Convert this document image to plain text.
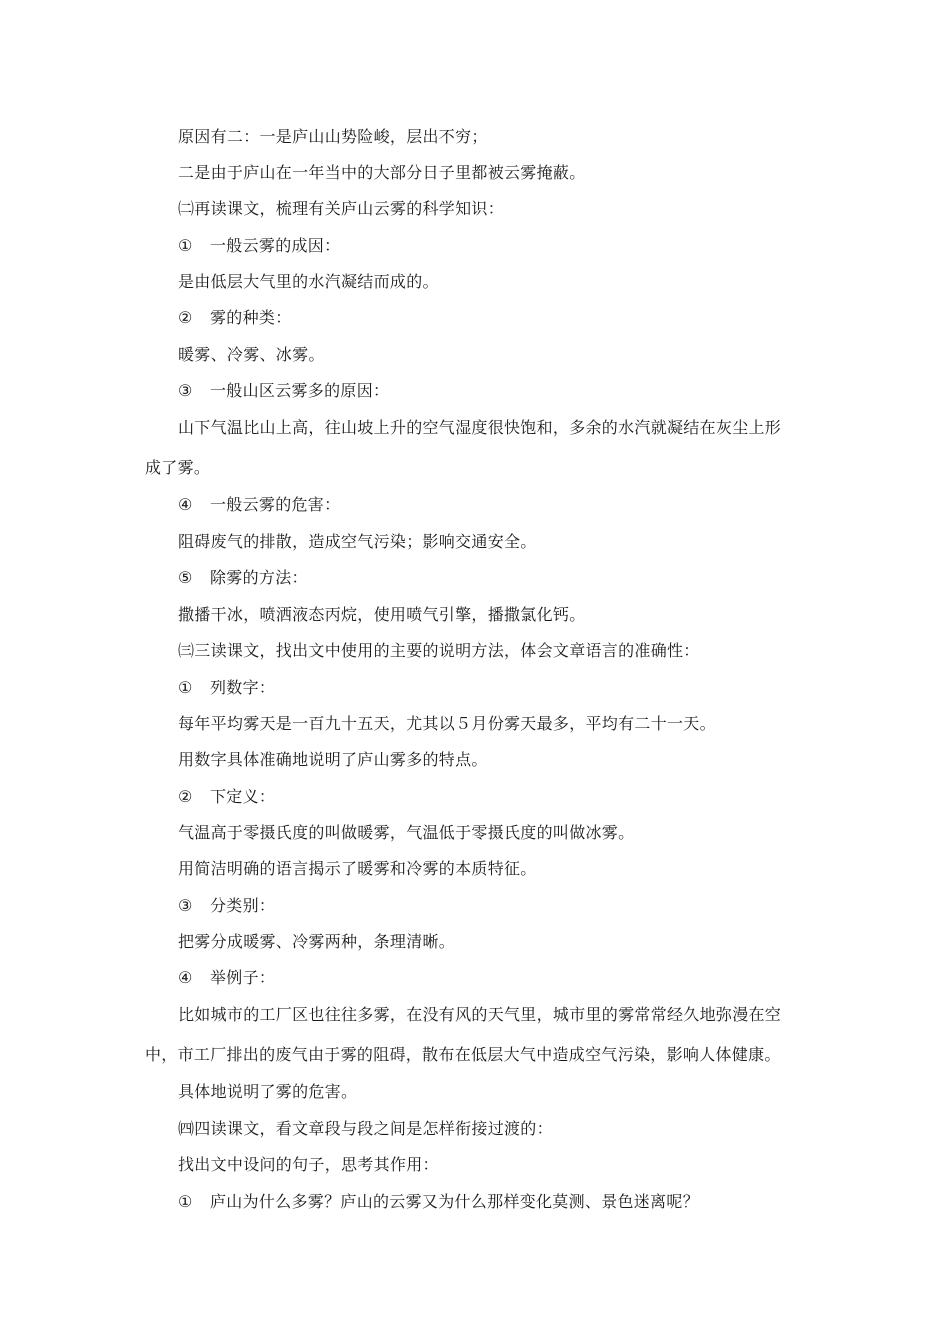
原因有二：一是庐山山势险峻，层出不穷；
二是由于庐山在一年当中的大部分日子里都被云雾掩蔽。
㈡再读课文，梳理有关庐山云雾的科学知识：
① 一般云雾的成因：
是由低层大气里的水汽凝结而成的。
② 雾的种类：
暖雾、冷雾、冰雾。
③ 一般山区云雾多的原因：
山下气温比山上高，往山坡上升的空气湿度很快饱和，多余的水汽就凝结在灰尘上形
成了雾。
④ 一般云雾的危害：
阻碍废气的排散，造成空气污染；影响交通安全。
⑤ 除雾的方法：
撒播干冰，喷洒液态丙烷，使用喷气引擎，播撒氯化钙。
㈢三读课文，找出文中使用的主要的说明方法，体会文章语言的准确性：
① 列数字：
每年平均雾天是一百九十五天，尤其以５月份雾天最多，平均有二十一天。
用数字具体准确地说明了庐山雾多的特点。
② 下定义：
气温高于零摄氏度的叫做暖雾，气温低于零摄氏度的叫做冰雾。
用简洁明确的语言揭示了暖雾和冷雾的本质特征。
③ 分类别：
把雾分成暖雾、冷雾两种，条理清晰。
④ 举例子：
比如城市的工厂区也往往多雾，在没有风的天气里，城市里的雾常常经久地弥漫在空
中，市工厂排出的废气由于雾的阻碍，散布在低层大气中造成空气污染，影响人体健康。
具体地说明了雾的危害。
㈣四读课文，看文章段与段之间是怎样衔接过渡的：
找出文中设问的句子，思考其作用：
① 庐山为什么多雾？庐山的云雾又为什么那样变化莫测、景色迷离呢？
